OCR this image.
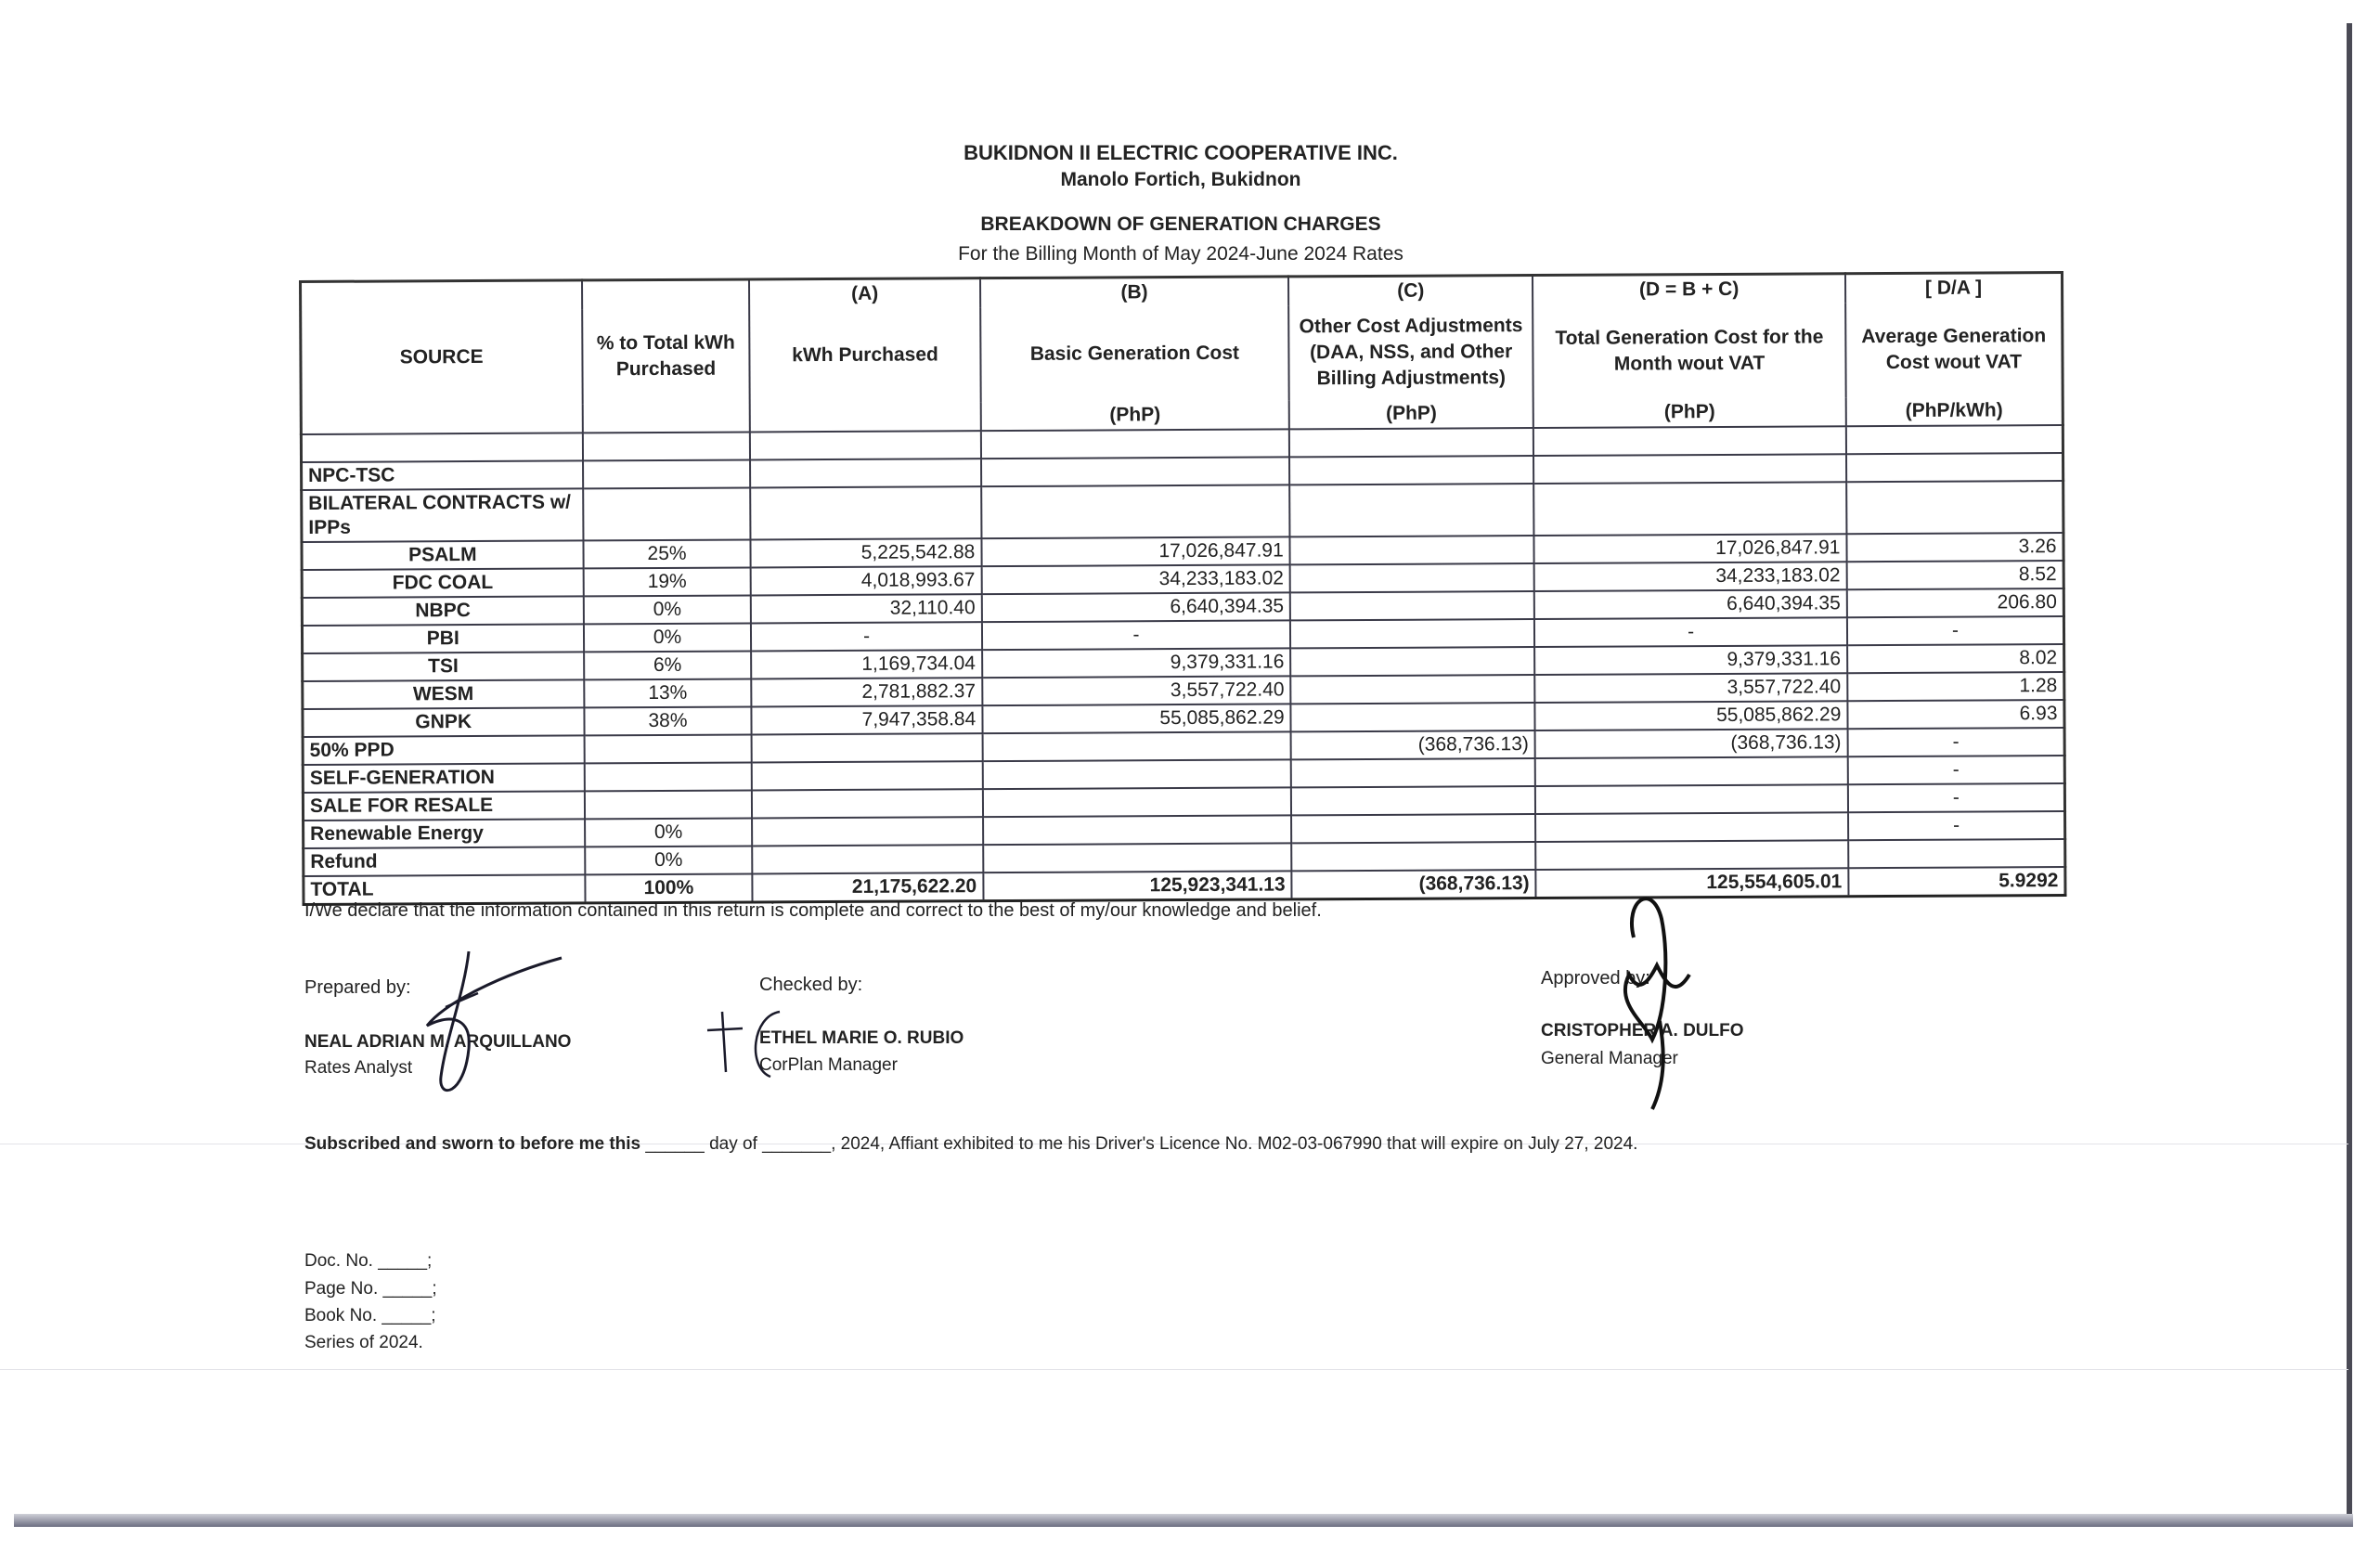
BUKIDNON II ELECTRIC COOPERATIVE INC.
Manolo Fortich, Bukidnon
BREAKDOWN OF GENERATION CHARGES
For the Billing Month of May 2024-June 2024 Rates
SOURCE	% to Total kWh Purchased	(A)	(B)	(C)	(D = B + C)	[ D/A ]
		kWh Purchased	Basic Generation Cost	Other Cost Adjustments (DAA, NSS, and Other Billing Adjustments)	Total Generation Cost for the Month wout VAT	Average Generation Cost wout VAT
			(PhP)	(PhP)	(PhP)	(PhP/kWh)

NPC-TSC						
BILATERAL CONTRACTS w/ IPPs						
PSALM	25%	5,225,542.88	17,026,847.91		17,026,847.91	3.26
FDC COAL	19%	4,018,993.67	34,233,183.02		34,233,183.02	8.52
NBPC	0%	32,110.40	6,640,394.35		6,640,394.35	206.80
PBI	0%	-	-		-	-
TSI	6%	1,169,734.04	9,379,331.16		9,379,331.16	8.02
WESM	13%	2,781,882.37	3,557,722.40		3,557,722.40	1.28
GNPK	38%	7,947,358.84	55,085,862.29		55,085,862.29	6.93
50% PPD				(368,736.13)	(368,736.13)	-
SELF-GENERATION						-
SALE FOR RESALE						-
Renewable Energy	0%					-
Refund	0%					
TOTAL	100%	21,175,622.20	125,923,341.13	(368,736.13)	125,554,605.01	5.9292
I/We declare that the information contained in this return is complete and correct to the best of my/our knowledge and belief.
Prepared by:
NEAL ADRIAN M. ARQUILLANO
Rates Analyst
Checked by:
ETHEL MARIE O. RUBIO
CorPlan Manager
Approved by:
CRISTOPHER A. DULFO
General Manager
Subscribed and sworn to before me this ______ day of _______, 2024, Affiant exhibited to me his Driver's Licence No. M02-03-067990 that will expire on July 27, 2024.
Doc. No. _____;
Page No. _____;
Book No. _____;
Series of 2024.
